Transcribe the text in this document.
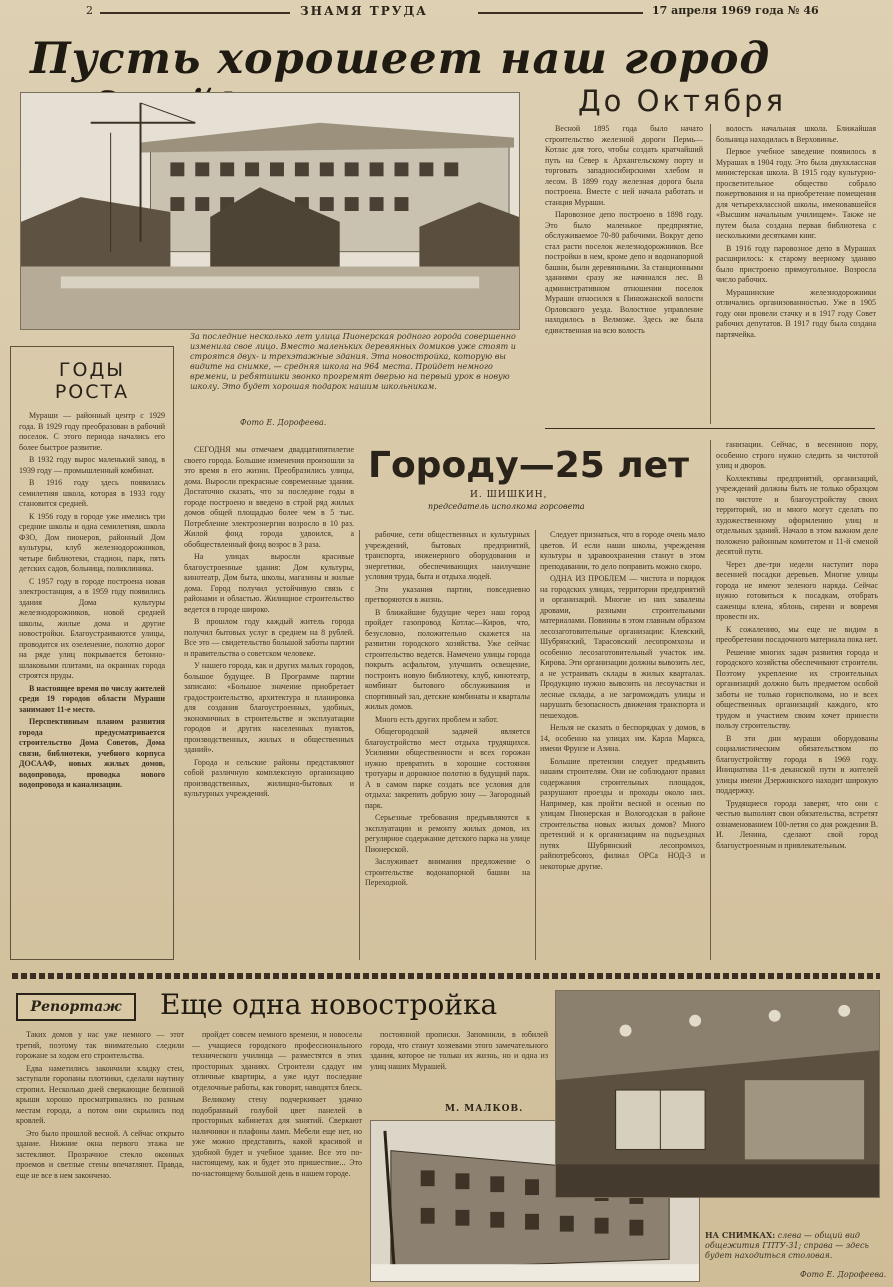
2	ЗНАМЯ ТРУДА	17 апреля 1969 года № 46
Пусть хорошеет наш город
За последние несколько лет улица Пионерская родного города совершенно изменила свое лицо. Вместо маленьких деревянных домиков уже стоят и строятся двух- и трехэтажные здания. Эта новостройка, которую вы видите на снимке, — средняя школа на 964 места. Пройдет немного времени, и ребятишки звонко прогремят дверью на первый урок в новую школу. Это будет хорошая подарок нашим школьникам.
Фото Е. Дорофеева.
До Октября

Весной 1895 года было начато строительство железной дороги Пермь—Котлас для того, чтобы создать кратчайший путь на Север к Архангельскому порту и торговать западносибирскими хлебом и лесом. В 1899 году железная дорога была построена. Вместе с ней начала работать и станция Мураши.

Паровозное депо построено в 1898 году. Это было маленькое предприятие, обслуживаемое 70-80 рабочими. Вокруг депо стал расти поселок железнодорожников. Все постройки в нем, кроме депо и водонапорной башни, были деревянными. За станционными зданиями сразу же начинался лес. В административном отношении поселок Мураши относился к Пинюжанской волости Орловского уезда. Волостное управление находилось в Велможе. Здесь же была единственная на всю волость

волость начальная школа. Ближайшая больница находилась в Верховинье.

Первое учебное заведение появилось в Мурашах в 1904 году. Это была двухклассная министерская школа. В 1915 году культурно-просветительное общество собрало пожертвования и на приобретение помещения для четырехклассной школы, именовавшейся «Высшим начальным училищем». Также не путем была создана первая библиотека с несколькими десятками книг.

В 1916 году паровозное депо в Мурашах расширилось: к старому веерному зданию было пристроено прямоугольное. Возросла число рабочих.

Мурашинские железнодорожники отличались организованностью. Уже в 1905 году они провели стачку и в 1917 году Совет рабочих депутатов. В 1917 году была создана партячейка.

ГОДЫ
РОСТА

Мураши — районный центр с 1929 года. В 1929 году преобразован в рабочий поселок. С этого периода начались его более быстрое развитие.

В 1932 году вырос маленький завод, в 1939 году — промышленный комбинат.

В 1916 году здесь появилась семилетняя школа, которая в 1933 году становится средней.

К 1956 году в городе уже имелись три средние школы и одна семилетняя, школа ФЗО, Дом пионеров, районный Дом культуры, клуб железнодорожников, четыре библиотеки, стадион, парк, пять детских садов, больница, поликлиника.

С 1957 году в городе построена новая электростанция, а в 1959 году появились здания Дома культуры железнодорожников, новой средней школы, жилые дома и другие новостройки. Благоустраиваются улицы, проводится их озеленение, полотно дорог на ряде улиц покрывается бетонно-шлаковыми плитами, на окраинах города строятся пруды.

В настоящее время по числу жителей среди 19 городов области Мураши занимают 11-е место.

Перспективным планом развития города предусматривается строительство Дома Советов, Дома связи, библиотеки, учебного корпуса ДОСААФ, новых жилых домов, водопровода, проводка нового водопровода и канализации.

Городу—25 лет
И. ШИШКИН,
председатель исполкома горсовета

СЕГОДНЯ мы отмечаем двадцатипятилетие своего города. Большие изменения произошли за это время в его жизни. Преобразились улицы, дома. Выросли прекрасные современные здания. Достаточно сказать, что за последние годы в городе построено и введено в строй ряд жилых домов общей площадью более чем в 5 тыс. Потребление электроэнергии возросло в 10 раз. Жилой фонд города удвоился, а обобществленный фонд возрос в 3 раза.

На улицах выросли красивые благоустроенные здания: Дом культуры, кинотеатр, Дом быта, школы, магазины и жилые дома. Город получил устойчивую связь с районами и областью. Жилищное строительство ведется в городе широко.

В прошлом году каждый житель города получил бытовых услуг в среднем на 8 рублей. Все это — свидетельство большой заботы партии и правительства о советском человеке.

У нашего города, как и других малых городов, большое будущее. В Программе партии записано: «Большое значение приобретает градостроительство, архитектура и планировка для создания благоустроенных, удобных, экономичных в строительстве и эксплуатации городов и других населенных пунктов, производственных, жилых и общественных зданий».

Города и сельские районы представляют собой различную комплексную организацию производственных, жилищно-бытовых и культурных учреждений.

рабочие, сети общественных и культурных учреждений, бытовых предприятий, транспорта, инженерного оборудования и энергетики, обеспечивающих наилучшие условия труда, быта и отдыха людей.

Эти указания партии, повседневно претворяются в жизнь.

В ближайшие будущие через наш город пройдет газопровод Котлас—Киров, что, безусловно, положительно скажется на развитии городского хозяйства. Уже сейчас строительство ведется. Намечено улицы города покрыть асфальтом, улучшить освещение, построить новую библиотеку, клуб, кинотеатр, комбинат бытового обслуживания и спортивный зал, детские комбинаты и кварталы жилых домов.

Много есть других проблем и забот.

Общегородской задачей является благоустройство мест отдыха трудящихся. Усилиями общественности и всех горожан нужно превратить в хорошие состояния тротуары и дорожное полотно в будущий парк. А в самом парке создать все условия для отдыха: закрепить добрую зону — Загородный парк.

Серьезные требования предъявляются к эксплуатации и ремонту жилых домов, их регулярное содержание детского парка на улице Пионерской.

Заслуживает внимания предложение о строительстве водонапорной башни на Переходной.

Следует признаться, что в городе очень мало цветов. И если наши школы, учреждения культуры и здравоохранения станут в этом преподавании, то дело поправить можно скоро.

ОДНА ИЗ ПРОБЛЕМ — чистота и порядок на городских улицах, территории предприятий и организаций. Многие из них завалены дровами, разными строительными материалами. Повинны в этом главным образом лесозаготовительные организации: Клевский, Шубрянский, Тарасовский лесопромхозы и особенно лесозаготовительный участок им. Кирова. Эти организации должны вывозить лес, а не устраивать склады в жилых кварталах. Продукцию нужно вывозить на лесоучастки и лесные склады, а не загромождать улицы и нарушать безопасность движения транспорта и пешеходов.

Нельзя не сказать о беспорядках у домов, в 14, особенно на улицах им. Карла Маркса, имени Фрунзе и Азина.

Большие претензии следует предъявить нашим строителям. Они не соблюдают правил содержания строительных площадок, разрушают проезды и проходы около них. Например, как пройти весной и осенью по улицам Пионерская и Вологодская в районе строительства новых жилых домов? Много претензий и к организациям на подъездных путях Шубрянский лесопромхоз, райпотребсоюз, филиал ОРСа НОД-3 и некоторые другие.

ганизации. Сейчас, в весеннюю пору, особенно строго нужно следить за чистотой улиц и дворов.

Коллективы предприятий, организаций, учреждений должны быть не только образцом по чистоте и благоустройству своих территорий, но и много могут сделать по художественному оформлению улиц и отдельных зданий. Начало в этом важном деле положено районным комитетом и 11-й сменой десятой пути.

Через две-три недели наступит пора весенней посадки деревьев. Многие улицы города не имеют зеленого наряда. Сейчас нужно готовиться к посадкам, отобрать саженцы клена, яблонь, сирени и вовремя провести их.

К сожалению, мы еще не видим в преобретении посадочного материала пока нет.

Решение многих задач развития города и городского хозяйства обеспечивают строители. Поэтому укрепление их строительных организаций должно быть предметом особой заботы не только горисполкома, но и всех общественных организаций каждого, кто трудом и участием своим хочет принести пользу строительству.

В эти дни мураши оборудованы социалистическим обязательством по благоустройству города в 1969 году. Инициатива 11-я деканской пути и жителей улицы имени Дзержинского находит широкую поддержку.

Трудящиеся города заверят, что они с честью выполнят свои обязательства, встретят ознаменованием 100-летия со дня рождения В. И. Ленина, сделают свой город благоустроенным и привлекательным.

Репортаж	Еще одна новостройка

Таких домов у нас уже немного — этот третий, поэтому так внимательно следили горожане за ходом его строительства.

Едва наметились закончили кладку стен, заступали горопаны плотники, сделали наутину стропил. Несколько дней сверкающие белизной крыши хорошо просматривались по разным местам города, а потом они скрылись под кровлей.

Это было прошлой весной. А сейчас открыто здание. Нижние окна первого этажа не застекляют. Прозрачное стекло оконных проемов и светлые стены впечатляют. Правда, еще не все в нем закончено.

пройдет совсем немного времени, и новоселы — учащиеся городского профессионального технического училища — разместятся в этих просторных зданиях. Строители сдадут им отличные квартиры, а уже идут последние отделочные работы, как говорят, наводятся блеск.

Великому стену подчеркивает удачно подобранный голубой цвет панелей в просторных кабинетах для занятий. Сверкают наличники и плафоны ламп. Мебели еще нет, но уже можно представить, какой красивой и удобной будет и учебное здание. Все это по-настоящему, как и будет это пришествие... Это по-настоящему большой день в нашем городе.

постоянной прописки. Запомнили, в юбилей города, что станут хозяевами этого замечательного здания, которое не только их жизнь, но и одна из улиц наших Мурашей.

М. МАЛКОВ.
НА СНИМКАХ: слева — общий вид общежития ГПТУ-31; справа — здесь будет находиться столовая.
Фото Е. Дорофеева.
